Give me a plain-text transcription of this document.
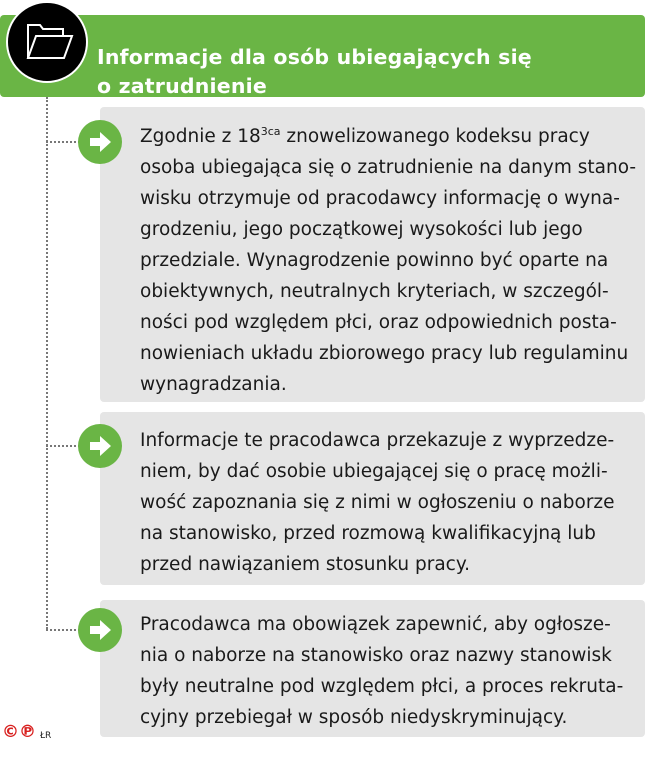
Informacje dla osób ubiegających się
o zatrudnienie
Zgodnie z $18^{3ca}$ znowelizowanego kodeksu pracy
osoba ubiegająca się o zatrudnienie na danym stano-
wisku otrzymuje od pracodawcy informację o wyna-
grodzeniu, jego początkowej wysokości lub jego
przedziale. Wynagrodzenie powinno być oparte na
obiektywnych, neutralnych kryteriach, w szczegól-
ności pod względem płci, oraz odpowiednich posta-
nowieniach układu zbiorowego pracy lub regulaminu
wynagradzania.
Informacje te pracodawca przekazuje z wyprzedze-
niem, by dać osobie ubiegającej się o pracę możli-
wość zapoznania się z nimi w ogłoszeniu o naborze
na stanowisko, przed rozmową kwalifikacyjną lub
przed nawiązaniem stosunku pracy.
Pracodawca ma obowiązek zapewnić, aby ogłosze-
nia o naborze na stanowisko oraz nazwy stanowisk
były neutralne pod względem płci, a proces rekruta-
cyjny przebiegał w sposób niedyskryminujący.
©℗ ŁR
